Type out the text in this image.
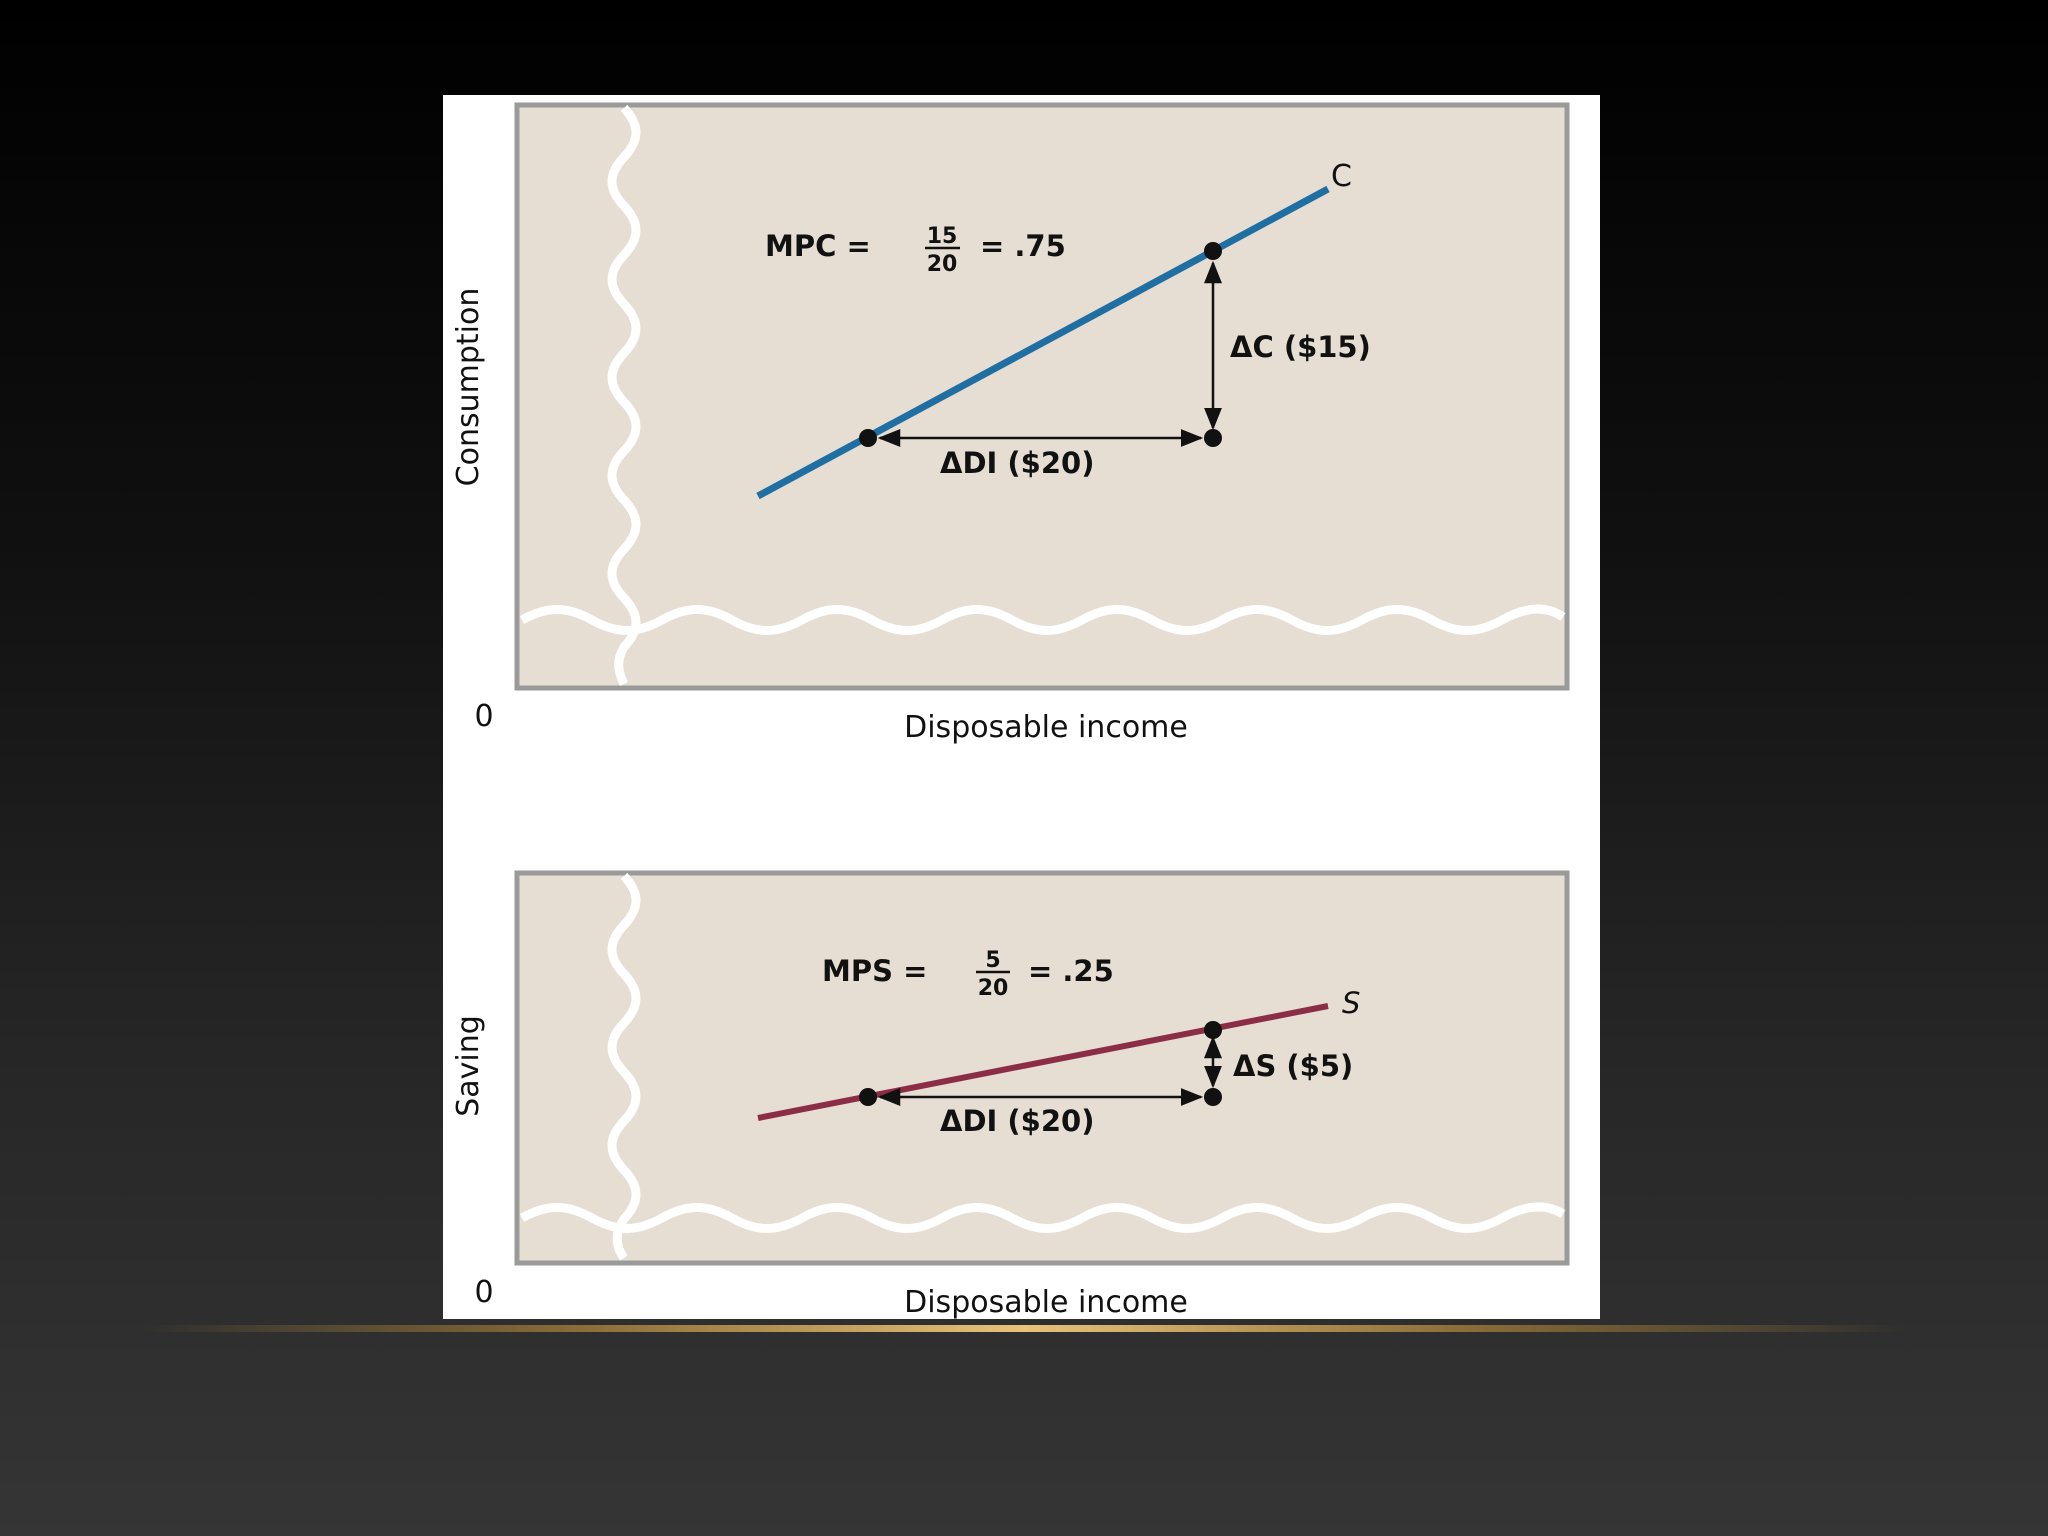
C
MPC =	15
20
= .75
ΔC ($15)
ΔDI ($20)
Consumption
0	Disposable income
S
MPS =	5
20
= .25
ΔS ($5)
ΔDI ($20)
Saving
0	Disposable income
